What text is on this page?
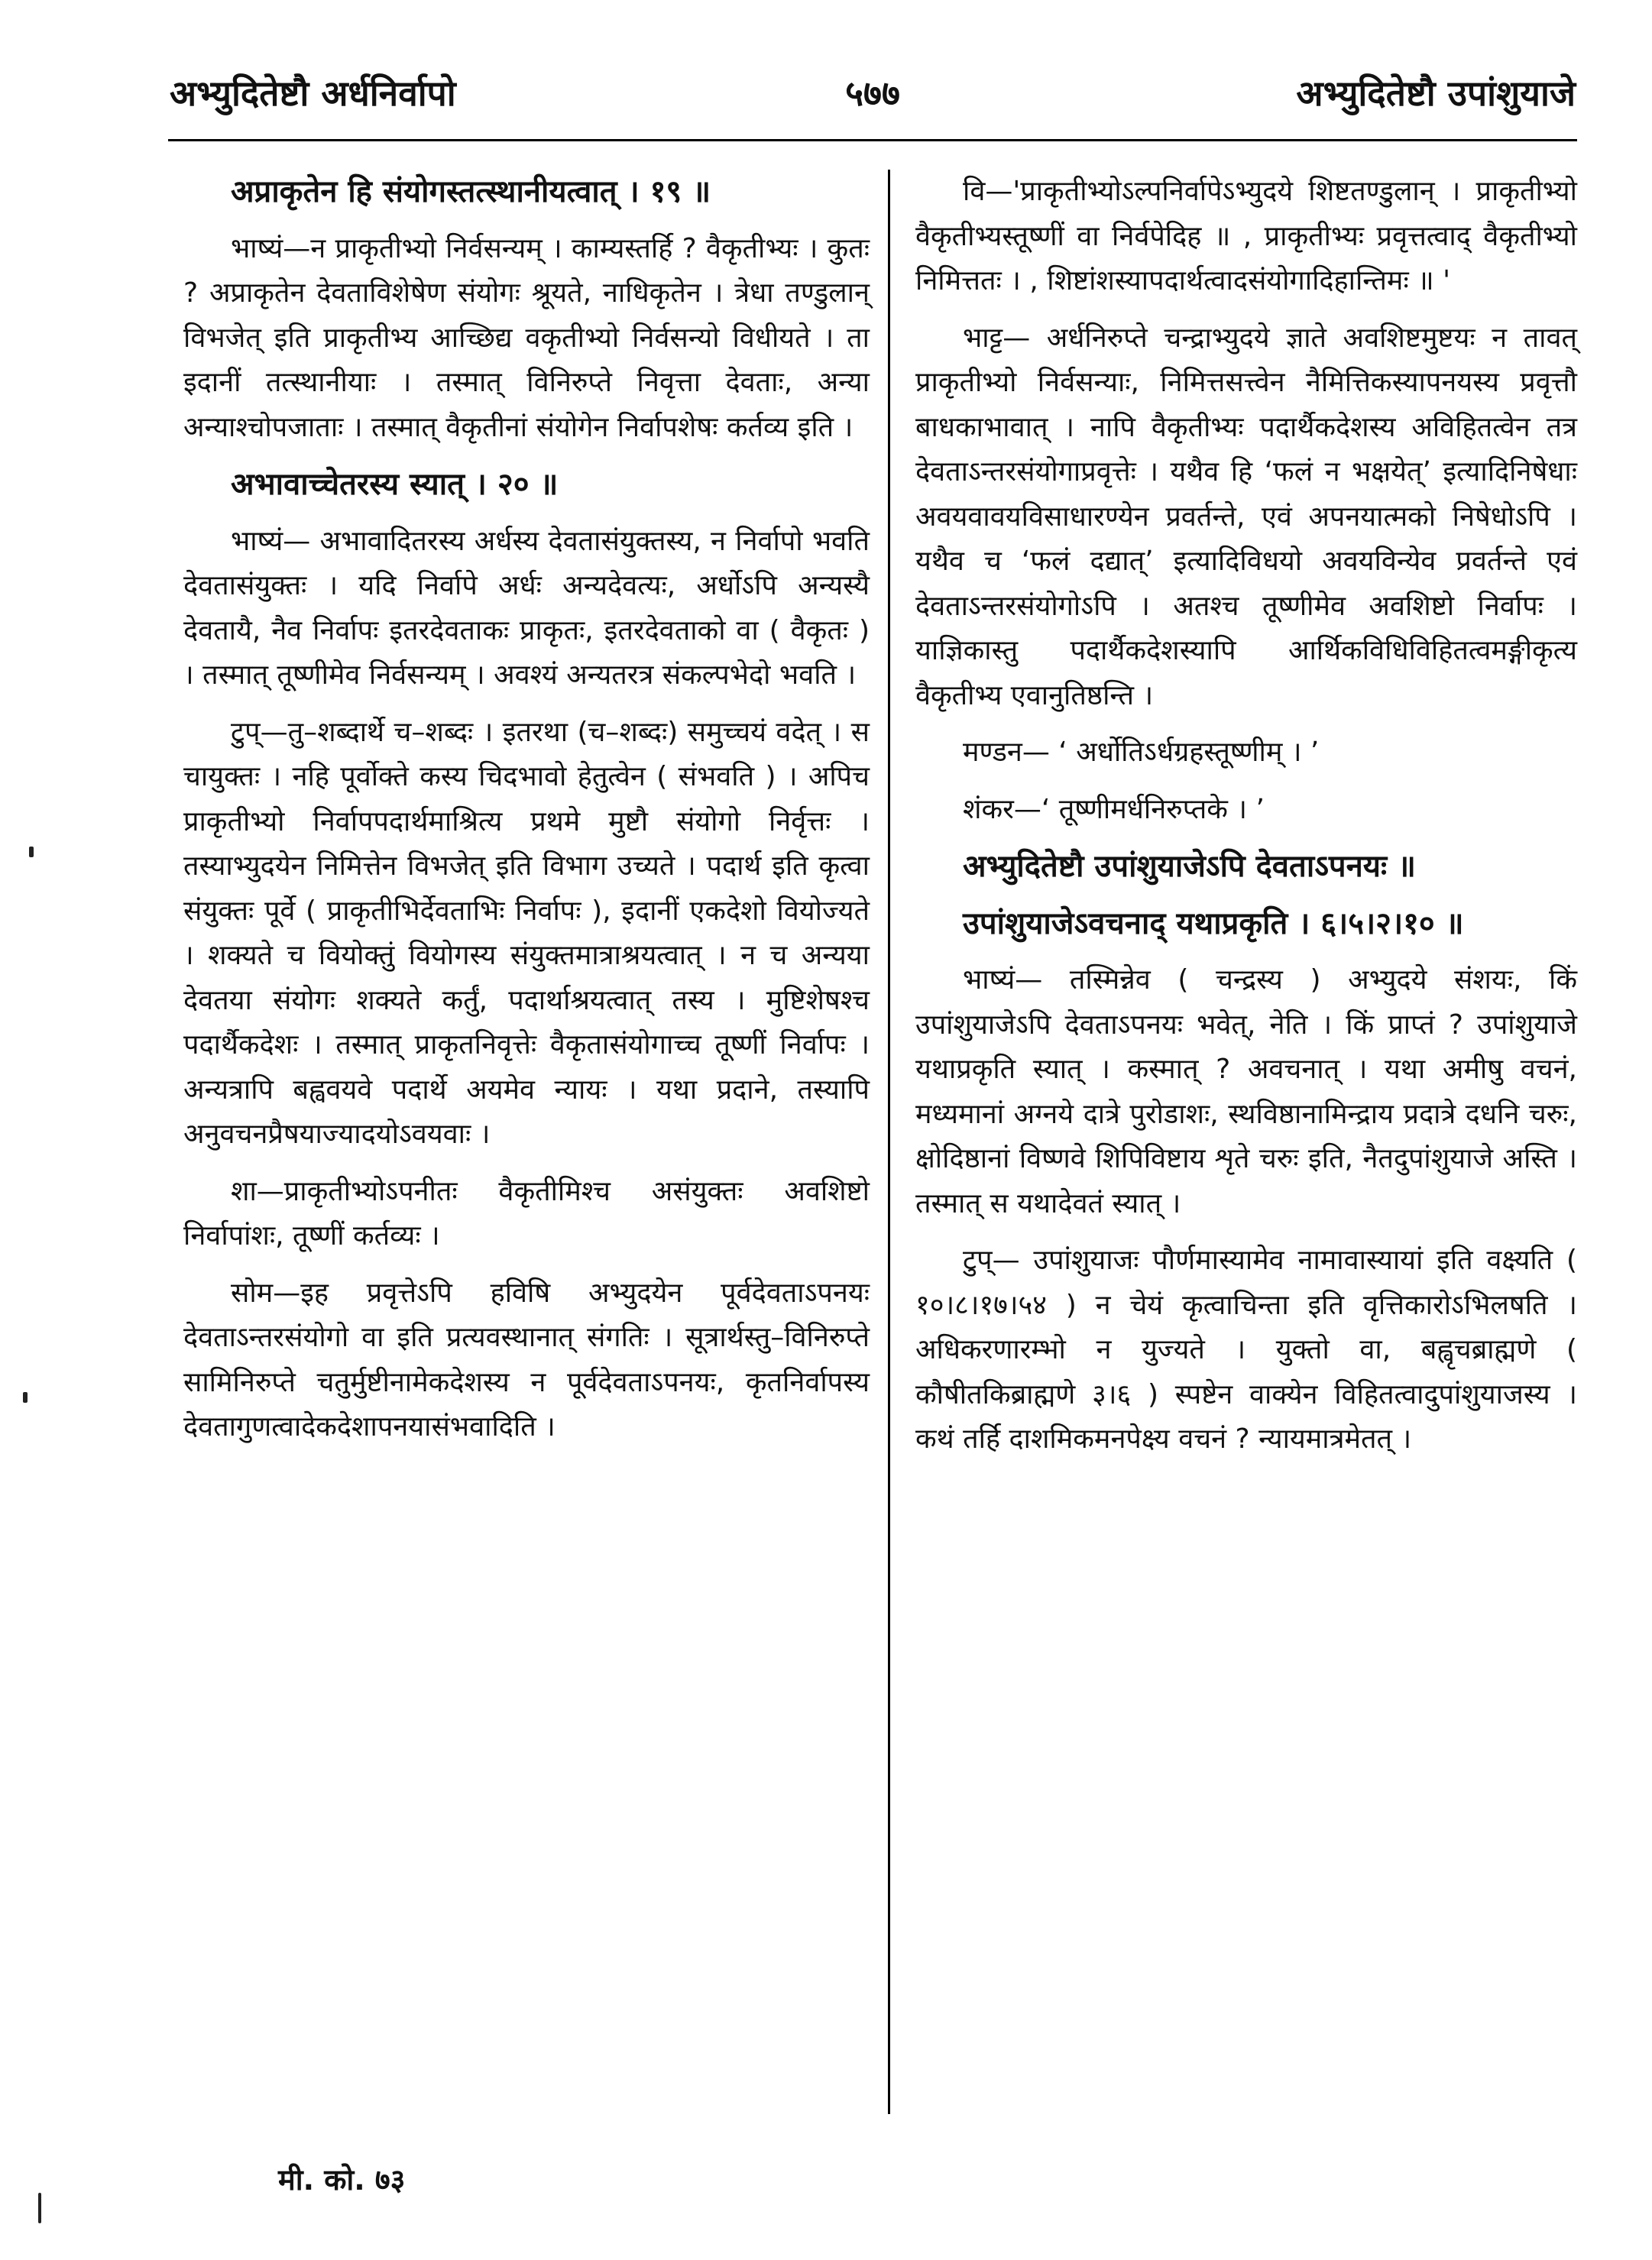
५७७
अभ्युदितेष्टौ अर्धनिर्वापो	अभ्युदितेष्टौ उपांशुयाजे

अप्राकृतेन हि संयोगस्तत्स्थानीयत्वात् । १९ ॥

भाष्यं—न प्राकृतीभ्यो निर्वसन्यम् । काम्यस्तर्हि ? वैकृतीभ्यः । कुतः ? अप्राकृतेन देवताविशेषेण संयोगः श्रूयते, नाधिकृतेन । त्रेधा तण्डुलान् विभजेत् इति प्राकृतीभ्य आच्छिद्य वकृतीभ्यो निर्वसन्यो विधीयते । ता इदानीं तत्स्थानीयाः । तस्मात् विनिरुप्ते निवृत्ता देवताः, अन्या अन्याश्चोपजाताः । तस्मात् वैकृतीनां संयोगेन निर्वापशेषः कर्तव्य इति ।

अभावाच्चेतरस्य स्यात् । २० ॥

भाष्यं— अभावादितरस्य अर्धस्य देवतासंयुक्तस्य, न निर्वापो भवति देवतासंयुक्तः । यदि निर्वापे अर्धः अन्यदेवत्यः, अर्धोऽपि अन्यस्यै देवतायै, नैव निर्वापः इतरदेवताकः प्राकृतः, इतरदेवताको वा ( वैकृतः ) । तस्मात् तूष्णीमेव निर्वसन्यम् । अवश्यं अन्यतरत्र संकल्पभेदो भवति ।

टुप्—तु–शब्दार्थे च–शब्दः । इतरथा (च–शब्दः) समुच्चयं वदेत् । स चायुक्तः । नहि पूर्वोक्ते कस्य चिदभावो हेतुत्वेन ( संभवति ) । अपिच प्राकृतीभ्यो निर्वापपदार्थमाश्रित्य प्रथमे मुष्टौ संयोगो निर्वृत्तः । तस्याभ्युदयेन निमित्तेन विभजेत् इति विभाग उच्यते । पदार्थ इति कृत्वा संयुक्तः पूर्वे ( प्राकृतीभिर्देवताभिः निर्वापः ), इदानीं एकदेशो वियोज्यते । शक्यते च वियोक्तुं वियोगस्य संयुक्तमात्राश्रयत्वात् । न च अन्यया देवतया संयोगः शक्यते कर्तुं, पदार्थाश्रयत्वात् तस्य । मुष्टिशेषश्च पदार्थैकदेशः । तस्मात् प्राकृतनिवृत्तेः वैकृतासंयोगाच्च तूष्णीं निर्वापः । अन्यत्रापि बह्ववयवे पदार्थे अयमेव न्यायः । यथा प्रदाने, तस्यापि अनुवचनप्रैषयाज्यादयोऽवयवाः ।

शा—प्राकृतीभ्योऽपनीतः वैकृतीमिश्च असंयुक्तः अवशिष्टो निर्वापांशः, तूष्णीं कर्तव्यः ।

सोम—इह प्रवृत्तेऽपि हविषि अभ्युदयेन पूर्वदेवताऽपनयः देवताऽन्तरसंयोगो वा इति प्रत्यवस्थानात् संगतिः । सूत्रार्थस्तु–विनिरुप्ते सामिनिरुप्ते चतुर्मुष्टीनामेकदेशस्य न पूर्वदेवताऽपनयः, कृतनिर्वापस्य देवतागुणत्वादेकदेशापनयासंभवादिति ।

वि—'प्राकृतीभ्योऽल्पनिर्वापेऽभ्युदये शिष्टतण्डुलान् । प्राकृतीभ्यो वैकृतीभ्यस्तूष्णीं वा निर्वपेदिह ॥ , प्राकृतीभ्यः प्रवृत्तत्वाद् वैकृतीभ्यो निमित्ततः । , शिष्टांशस्यापदार्थत्वादसंयोगादिहान्तिमः ॥ '

भाट्ट— अर्धनिरुप्ते चन्द्राभ्युदये ज्ञाते अवशिष्टमुष्टयः न तावत् प्राकृतीभ्यो निर्वसन्याः, निमित्तसत्त्वेन नैमित्तिकस्यापनयस्य प्रवृत्तौ बाधकाभावात् । नापि वैकृतीभ्यः पदार्थैकदेशस्य अविहितत्वेन तत्र देवताऽन्तरसंयोगाप्रवृत्तेः । यथैव हि ‘फलं न भक्षयेत्’ इत्यादिनिषेधाः अवयवावयविसाधारण्येन प्रवर्तन्ते, एवं अपनयात्मको निषेधोऽपि । यथैव च ‘फलं दद्यात्’ इत्यादिविधयो अवयविन्येव प्रवर्तन्ते एवं देवताऽन्तरसंयोगोऽपि । अतश्च तूष्णीमेव अवशिष्टो निर्वापः । याज्ञिकास्तु पदार्थैकदेशस्यापि आर्थिकविधिविहितत्वमङ्गीकृत्य वैकृतीभ्य एवानुतिष्ठन्ति ।

मण्डन— ‘ अर्धोतिऽर्धग्रहस्तूष्णीम् । ’

शंकर—‘ तूष्णीमर्धनिरुप्तके । ’

अभ्युदितेष्टौ उपांशुयाजेऽपि देवताऽपनयः ॥

उपांशुयाजेऽवचनाद् यथाप्रकृति । ६।५।२।१० ॥

भाष्यं— तस्मिन्नेव ( चन्द्रस्य ) अभ्युदये संशयः, किं उपांशुयाजेऽपि देवताऽपनयः भवेत्, नेति । किं प्राप्तं ? उपांशुयाजे यथाप्रकृति स्यात् । कस्मात् ? अवचनात् । यथा अमीषु वचनं, मध्यमानां अग्नये दात्रे पुरोडाशः, स्थविष्ठानामिन्द्राय प्रदात्रे दधनि चरुः, क्षोदिष्ठानां विष्णवे शिपिविष्टाय शृते चरुः इति, नैतदुपांशुयाजे अस्ति । तस्मात् स यथादेवतं स्यात् ।

टुप्— उपांशुयाजः पौर्णमास्यामेव नामावास्यायां इति वक्ष्यति ( १०।८।१७।५४ ) न चेयं कृत्वाचिन्ता इति वृत्तिकारोऽभिलषति । अधिकरणारम्भो न युज्यते । युक्तो वा, बह्वृचब्राह्मणे ( कौषीतकिब्राह्मणे ३।६ ) स्पष्टेन वाक्येन विहितत्वादुपांशुयाजस्य । कथं तर्हि दाशमिकमनपेक्ष्य वचनं ? न्यायमात्रमेतत् ।

मी. को. ७३
